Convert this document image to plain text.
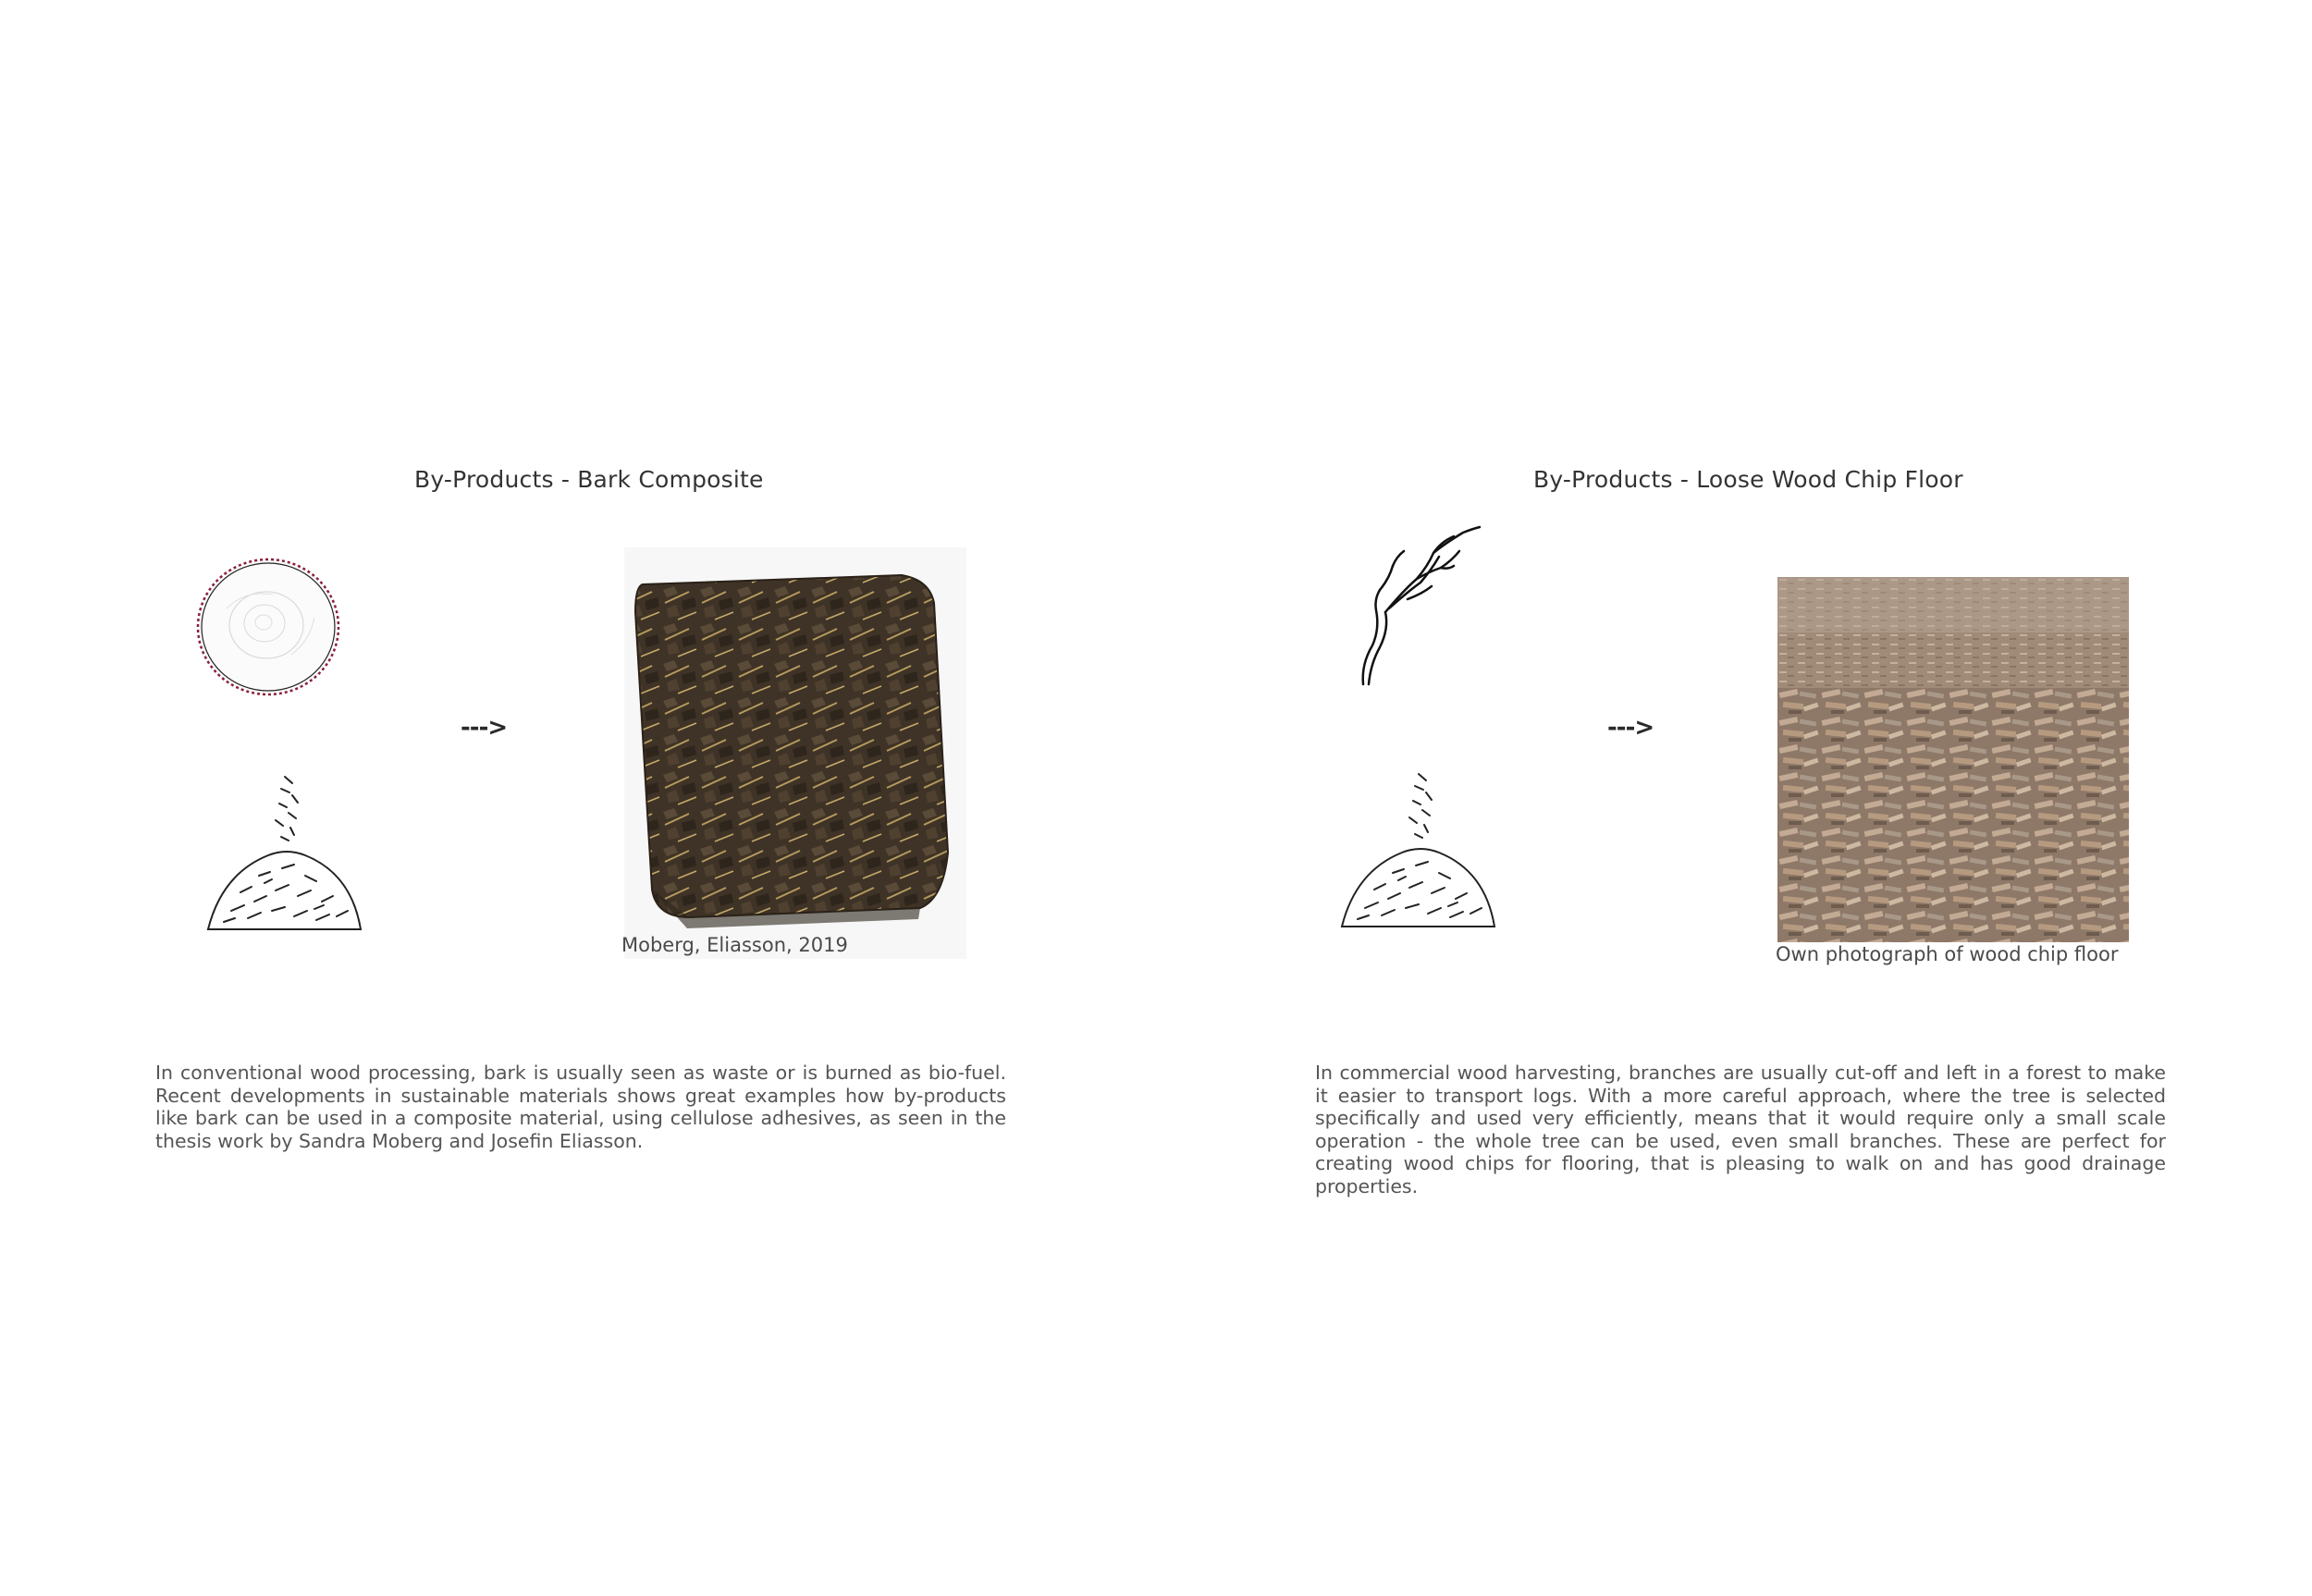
By-Products - Bark Composite
--->
Moberg, Eliasson, 2019
In conventional wood processing, bark is usually seen as waste or is burned as bio-fuel. Recent developments in sustainable materials shows great examples how by-products like bark can be used in a composite material, using cellulose adhesives, as seen in the thesis work by Sandra Moberg and Josefin Eliasson.
By-Products - Loose Wood Chip Floor
--->
Own photograph of wood chip floor
In commercial wood harvesting, branches are usually cut-off and left in a forest to make it easier to transport logs. With a more careful approach, where the tree is selected specifically and used very efficiently, means that it would require only a small scale operation - the whole tree can be used, even small branches. These are perfect for creating wood chips for flooring, that is pleasing to walk on and has good drainage properties.
